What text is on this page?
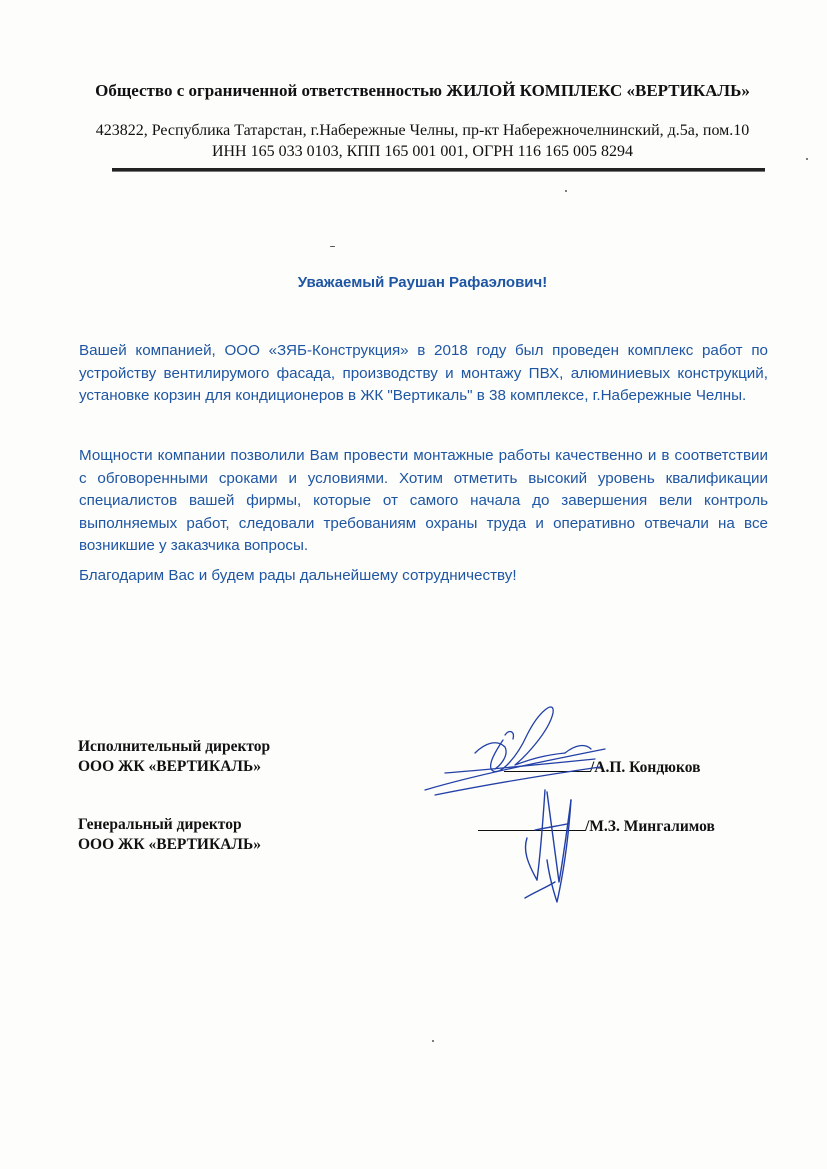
Общество с ограниченной ответственностью ЖИЛОЙ КОМПЛЕКС «ВЕРТИКАЛЬ»
423822, Республика Татарстан, г.Набережные Челны, пр-кт Набережночелнинский, д.5а, пом.10
ИНН 165 033 0103, КПП 165 001 001, ОГРН 116 165 005 8294
Уважаемый Раушан Рафаэлович!
Вашей компанией, ООО «ЗЯБ-Конструкция» в 2018 году был проведен комплекс работ по устройству вентилирумого фасада, производству и монтажу ПВХ, алюминиевых конструкций, установке корзин для кондиционеров в ЖК "Вертикаль" в 38 комплексе, г.Набережные Челны.
Мощности компании позволили Вам провести монтажные работы качественно и в соответствии с обговоренными сроками и условиями. Хотим отметить высокий уровень квалификации специалистов вашей фирмы, которые от самого начала до завершения вели контроль выполняемых работ, следовали требованиям охраны труда и оперативно отвечали на все возникшие у заказчика вопросы.
Благодарим Вас и будем рады дальнейшему сотрудничеству!
Исполнительный директор
ООО ЖК «ВЕРТИКАЛЬ»	/А.П. Кондюков
Генеральный директор
ООО ЖК «ВЕРТИКАЛЬ»
/М.З. Мингалимов
